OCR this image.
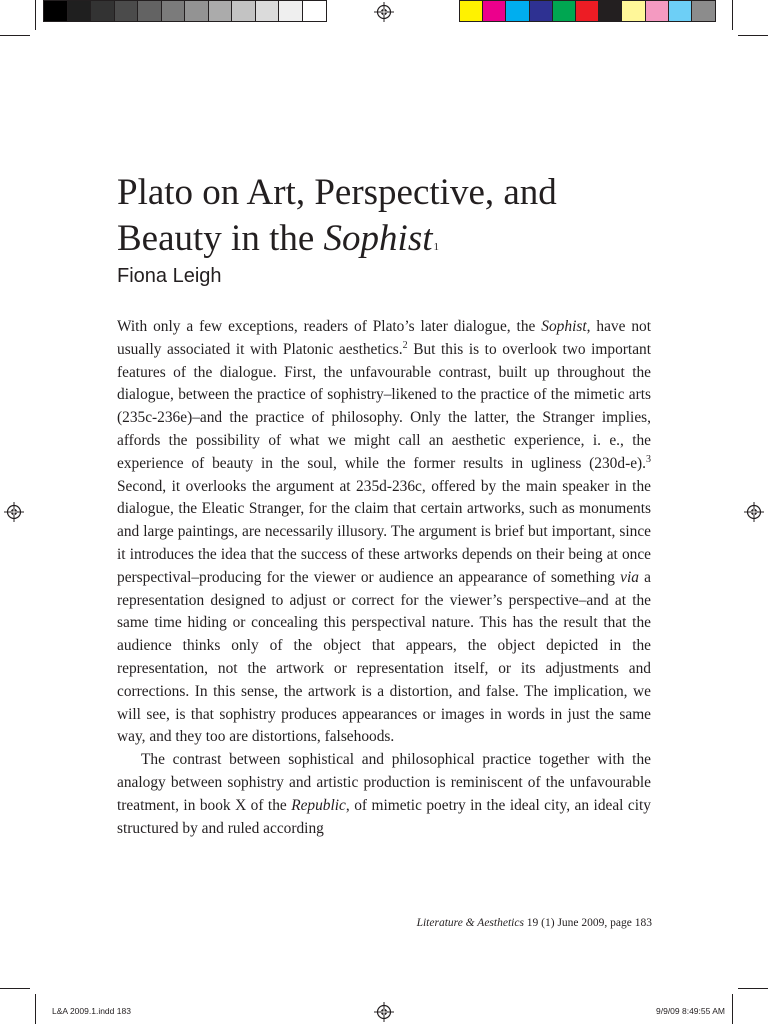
Plato on Art, Perspective, and
Beauty in the Sophist$^1$

Fiona Leigh

With only a few exceptions, readers of Plato’s later dialogue, the Sophist, have not usually associated it with Platonic aesthetics.$^2$ But this is to overlook two important features of the dialogue. First, the unfavourable contrast, built up throughout the dialogue, between the practice of sophistry–likened to the practice of the mimetic arts (235c-236e)–and the practice of philosophy. Only the latter, the Stranger implies, affords the possibility of what we might call an aesthetic experience, i. e., the experience of beauty in the soul, while the former results in ugliness (230d-e).$^3$ Second, it overlooks the argument at 235d-236c, offered by the main speaker in the dialogue, the Eleatic Stranger, for the claim that certain artworks, such as monuments and large paintings, are necessarily illusory. The argument is brief but important, since it introduces the idea that the success of these artworks depends on their being at once perspectival–producing for the viewer or audience an appearance of something via a representation designed to adjust or correct for the viewer’s perspective–and at the same time hiding or concealing this perspectival nature. This has the result that the audience thinks only of the object that appears, the object depicted in the representation, not the artwork or representation itself, or its adjustments and corrections. In this sense, the artwork is a distortion, and false. The implication, we will see, is that sophistry produces appearances or images in words in just the same way, and they too are distortions, falsehoods.

The contrast between sophistical and philosophical practice together with the analogy between sophistry and artistic production is reminiscent of the unfavourable treatment, in book X of the Republic, of mimetic poetry in the ideal city, an ideal city structured by and ruled according

Literature & Aesthetics 19 (1) June 2009, page 183
L&A 2009.1.indd 183	9/9/09 8:49:55 AM
